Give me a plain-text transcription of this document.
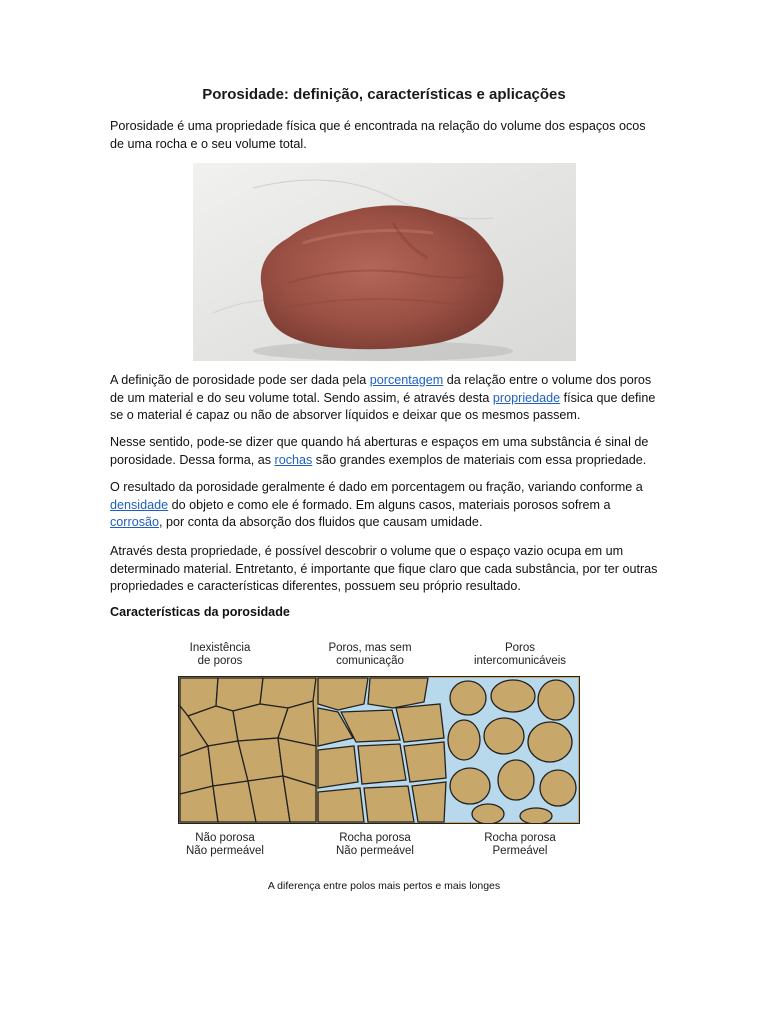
Porosidade: definição, características e aplicações
Porosidade é uma propriedade física que é encontrada na relação do volume dos espaços ocos de uma rocha e o seu volume total.
A definição de porosidade pode ser dada pela porcentagem da relação entre o volume dos poros de um material e do seu volume total. Sendo assim, é através desta propriedade física que define se o material é capaz ou não de absorver líquidos e deixar que os mesmos passem.
Nesse sentido, pode-se dizer que quando há aberturas e espaços em uma substância é sinal de porosidade. Dessa forma, as rochas são grandes exemplos de materiais com essa propriedade.
O resultado da porosidade geralmente é dado em porcentagem ou fração, variando conforme a densidade do objeto e como ele é formado. Em alguns casos, materiais porosos sofrem a corrosão, por conta da absorção dos fluidos que causam umidade.
Através desta propriedade, é possível descobrir o volume que o espaço vazio ocupa em um determinado material. Entretanto, é importante que fique claro que cada substância, por ter outras propriedades e características diferentes, possuem seu próprio resultado.
Características da porosidade
Inexistência
de poros
Poros, mas sem
comunicação
Poros
intercomunicáveis
Não porosa
Não permeável
Rocha porosa
Não permeável
Rocha porosa
Permeável
A diferença entre polos mais pertos e mais longes
